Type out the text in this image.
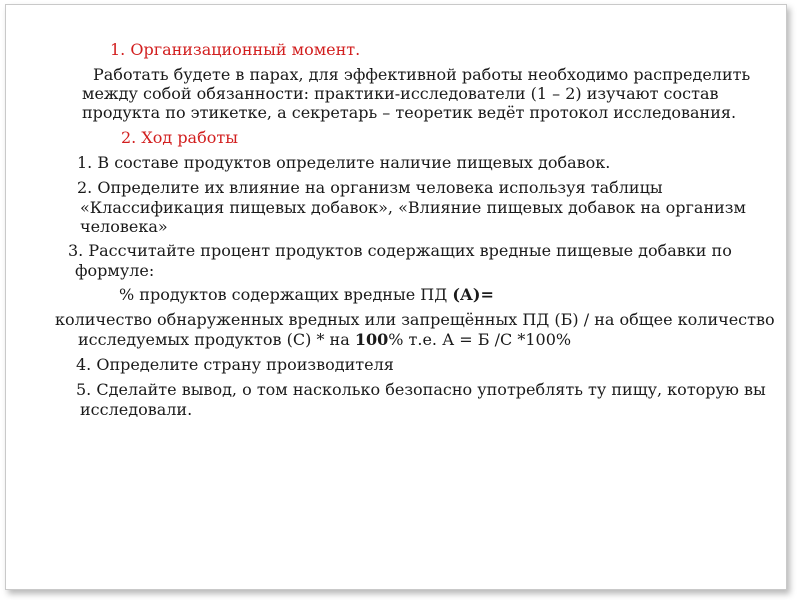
1. Организационный момент.
Работать будете в парах, для эффективной работы необходимо распределить
между собой обязанности: практики-исследователи (1 – 2) изучают состав
продукта по этикетке, а секретарь – теоретик ведёт протокол исследования.
2. Ход работы
1. В составе продуктов определите наличие пищевых добавок.
2. Определите их влияние на организм человека используя таблицы
«Классификация пищевых добавок», «Влияние пищевых добавок на организм
человека»
3. Рассчитайте процент продуктов содержащих вредные пищевые добавки по
формуле:
% продуктов содержащих вредные ПД (А)=
количество обнаруженных вредных или запрещённых ПД (Б) / на общее количество
исследуемых продуктов (С) * на 100% т.е. А = Б /С *100%
4. Определите страну производителя
5. Сделайте вывод, о том насколько безопасно употреблять ту пищу, которую вы
исследовали.
